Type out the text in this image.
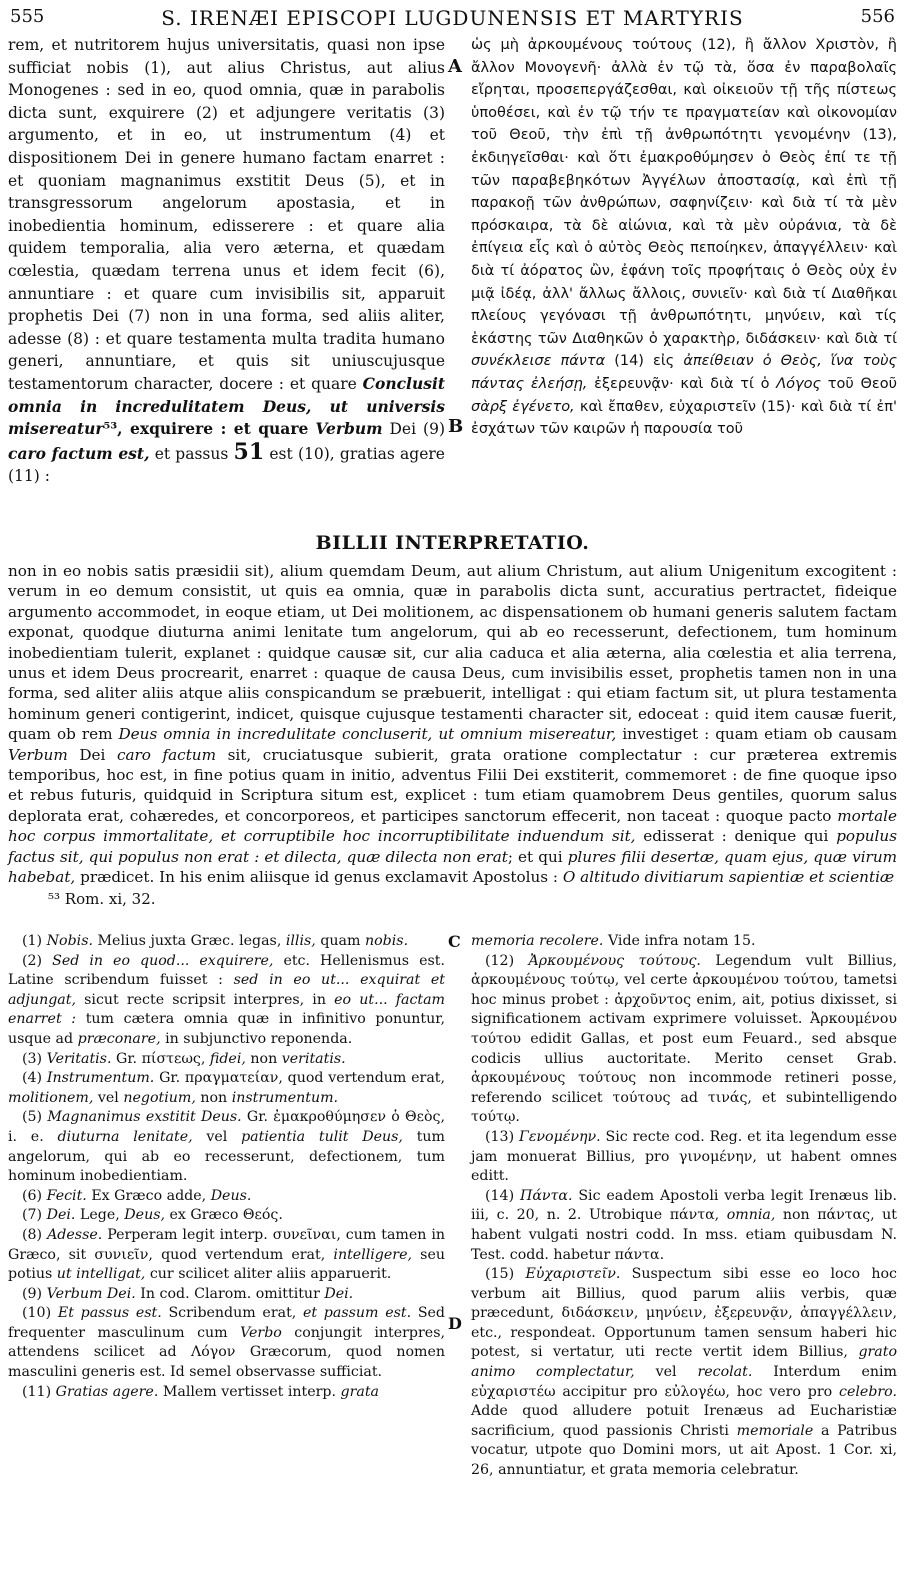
555	S. IRENÆI EPISCOPI LUGDUNENSIS ET MARTYRIS	556

rem, et nutritorem hujus universitatis, quasi non ipse sufficiat nobis (1), aut alius Christus, aut alius Monogenes : sed in eo, quod omnia, quæ in parabolis dicta sunt, exquirere (2) et adjungere veritatis (3) argumento, et in eo, ut instrumentum (4) et dispositionem Dei in genere humano factam enarret : et quoniam magnanimus exstitit Deus (5), et in transgressorum angelorum apostasia, et in inobedientia hominum, edisserere : et quare alia quidem temporalia, alia vero æterna, et quædam cœlestia, quædam terrena unus et idem fecit (6), annuntiare : et quare cum invisibilis sit, apparuit prophetis Dei (7) non in una forma, sed aliis aliter, adesse (8) : et quare testamenta multa tradita humano generi, annuntiare, et quis sit uniuscujusque testamentorum character, docere : et quare Conclusit omnia in incredulitatem Deus, ut universis misereatur⁵³, exquirere : et quare Verbum Dei (9) caro factum est, et passus 51 est (10), gratias agere (11) :

A
B

ὡς μὴ ἀρκουμένους τούτους (12), ἢ ἄλλον Χριστὸν, ἢ ἄλλον Μονογενῆ· ἀλλὰ ἐν τῷ τὰ, ὅσα ἐν παραβολαῖς εἴρηται, προσεπεργάζεσθαι, καὶ οἰκειοῦν τῇ τῆς πίστεως ὑποθέσει, καὶ ἐν τῷ τήν τε πραγματείαν καὶ οἰκονομίαν τοῦ Θεοῦ, τὴν ἐπὶ τῇ ἀνθρωπότητι γενομένην (13), ἐκδιηγεῖσθαι· καὶ ὅτι ἐμακροθύμησεν ὁ Θεὸς ἐπί τε τῇ τῶν παραβεβηκότων Ἀγγέλων ἀποστασίᾳ, καὶ ἐπὶ τῇ παρακοῇ τῶν ἀνθρώπων, σαφηνίζειν· καὶ διὰ τί τὰ μὲν πρόσκαιρα, τὰ δὲ αἰώνια, καὶ τὰ μὲν οὐράνια, τὰ δὲ ἐπίγεια εἷς καὶ ὁ αὐτὸς Θεὸς πεποίηκεν, ἀπαγγέλλειν· καὶ διὰ τί ἀόρατος ὢν, ἐφάνη τοῖς προφήταις ὁ Θεὸς οὐχ ἐν μιᾷ ἰδέᾳ, ἀλλ' ἄλλως ἄλλοις, συνιεῖν· καὶ διὰ τί Διαθῆκαι πλείους γεγόνασι τῇ ἀνθρωπότητι, μηνύειν, καὶ τίς ἑκάστης τῶν Διαθηκῶν ὁ χαρακτὴρ, διδάσκειν· καὶ διὰ τί συνέκλεισε πάντα (14) εἰς ἀπείθειαν ὁ Θεὸς, ἵνα τοὺς πάντας ἐλεήσῃ, ἐξερευνᾷν· καὶ διὰ τί ὁ Λόγος τοῦ Θεοῦ σὰρξ ἐγένετο, καὶ ἔπαθεν, εὐχαριστεῖν (15)· καὶ διὰ τί ἐπ' ἐσχάτων τῶν καιρῶν ἡ παρουσία τοῦ

BILLII INTERPRETATIO.

non in eo nobis satis præsidii sit), alium quemdam Deum, aut alium Christum, aut alium Unigenitum excogitent : verum in eo demum consistit, ut quis ea omnia, quæ in parabolis dicta sunt, accuratius pertractet, fideique argumento accommodet, in eoque etiam, ut Dei molitionem, ac dispensationem ob humani generis salutem factam exponat, quodque diuturna animi lenitate tum angelorum, qui ab eo recesserunt, defectionem, tum hominum inobedientiam tulerit, explanet : quidque causæ sit, cur alia caduca et alia æterna, alia cœlestia et alia terrena, unus et idem Deus procrearit, enarret : quaque de causa Deus, cum invisibilis esset, prophetis tamen non in una forma, sed aliter aliis atque aliis conspicandum se præbuerit, intelligat : qui etiam factum sit, ut plura testamenta hominum generi contigerint, indicet, quisque cujusque testamenti character sit, edoceat : quid item causæ fuerit, quam ob rem Deus omnia in incredulitate concluserit, ut omnium misereatur, investiget : quam etiam ob causam Verbum Dei caro factum sit, cruciatusque subierit, grata oratione complectatur : cur præterea extremis temporibus, hoc est, in fine potius quam in initio, adventus Filii Dei exstiterit, commemoret : de fine quoque ipso et rebus futuris, quidquid in Scriptura situm est, explicet : tum etiam quamobrem Deus gentiles, quorum salus deplorata erat, cohæredes, et concorporeos, et participes sanctorum effecerit, non taceat : quoque pacto mortale hoc corpus immortalitate, et corruptibile hoc incorruptibilitate induendum sit, edisserat : denique qui populus factus sit, qui populus non erat : et dilecta, quæ dilecta non erat; et qui plures filii desertæ, quam ejus, quæ virum habebat, prædicet. In his enim aliisque id genus exclamavit Apostolus : O altitudo divitiarum sapientiæ et scientiæ

⁵³ Rom. xi, 32.
C
D

(1) Nobis. Melius juxta Græc. legas, illis, quam nobis.

(2) Sed in eo quod... exquirere, etc. Hellenismus est. Latine scribendum fuisset : sed in eo ut... exquirat et adjungat, sicut recte scripsit interpres, in eo ut... factam enarret : tum cætera omnia quæ in infinitivo ponuntur, usque ad præconare, in subjunctivo reponenda.

(3) Veritatis. Gr. πίστεως, fidei, non veritatis.

(4) Instrumentum. Gr. πραγματείαν, quod vertendum erat, molitionem, vel negotium, non instrumentum.

(5) Magnanimus exstitit Deus. Gr. ἐμακροθύμησεν ὁ Θεὸς, i. e. diuturna lenitate, vel patientia tulit Deus, tum angelorum, qui ab eo recesserunt, defectionem, tum hominum inobedientiam.

(6) Fecit. Ex Græco adde, Deus.

(7) Dei. Lege, Deus, ex Græco Θεός.

(8) Adesse. Perperam legit interp. συνεῖναι, cum tamen in Græco, sit συνιεῖν, quod vertendum erat, intelligere, seu potius ut intelligat, cur scilicet aliter aliis apparuerit.

(9) Verbum Dei. In cod. Clarom. omittitur Dei.

(10) Et passus est. Scribendum erat, et passum est. Sed frequenter masculinum cum Verbo conjungit interpres, attendens scilicet ad Λόγον Græcorum, quod nomen masculini generis est. Id semel observasse sufficiat.

(11) Gratias agere. Mallem vertisset interp. grata

memoria recolere. Vide infra notam 15.

(12) Ἀρκουμένους τούτους. Legendum vult Billius, ἀρκουμένους τούτῳ, vel certe ἀρκουμένου τούτου, tametsi hoc minus probet : ἀρχοῦντος enim, ait, potius dixisset, si significationem activam exprimere voluisset. Ἀρκουμένου τούτου edidit Gallas, et post eum Feuard., sed absque codicis ullius auctoritate. Merito censet Grab. ἀρκουμένους τούτους non incommode retineri posse, referendo scilicet τούτους ad τινάς, et subintelligendo τούτῳ.

(13) Γενομένην. Sic recte cod. Reg. et ita legendum esse jam monuerat Billius, pro γινομένην, ut habent omnes editt.

(14) Πάντα. Sic eadem Apostoli verba legit Irenæus lib. iii, c. 20, n. 2. Utrobique πάντα, omnia, non πάντας, ut habent vulgati nostri codd. In mss. etiam quibusdam N. Test. codd. habetur πάντα.

(15) Εὐχαριστεῖν. Suspectum sibi esse eo loco hoc verbum ait Billius, quod parum aliis verbis, quæ præcedunt, διδάσκειν, μηνύειν, ἐξερευνᾷν, ἀπαγγέλλειν, etc., respondeat. Opportunum tamen sensum haberi hic potest, si vertatur, uti recte vertit idem Billius, grato animo complectatur, vel recolat. Interdum enim εὐχαριστέω accipitur pro εὐλογέω, hoc vero pro celebro. Adde quod alludere potuit Irenæus ad Eucharistiæ sacrificium, quod passionis Christi memoriale a Patribus vocatur, utpote quo Domini mors, ut ait Apost. 1 Cor. xi, 26, annuntiatur, et grata memoria celebratur.
